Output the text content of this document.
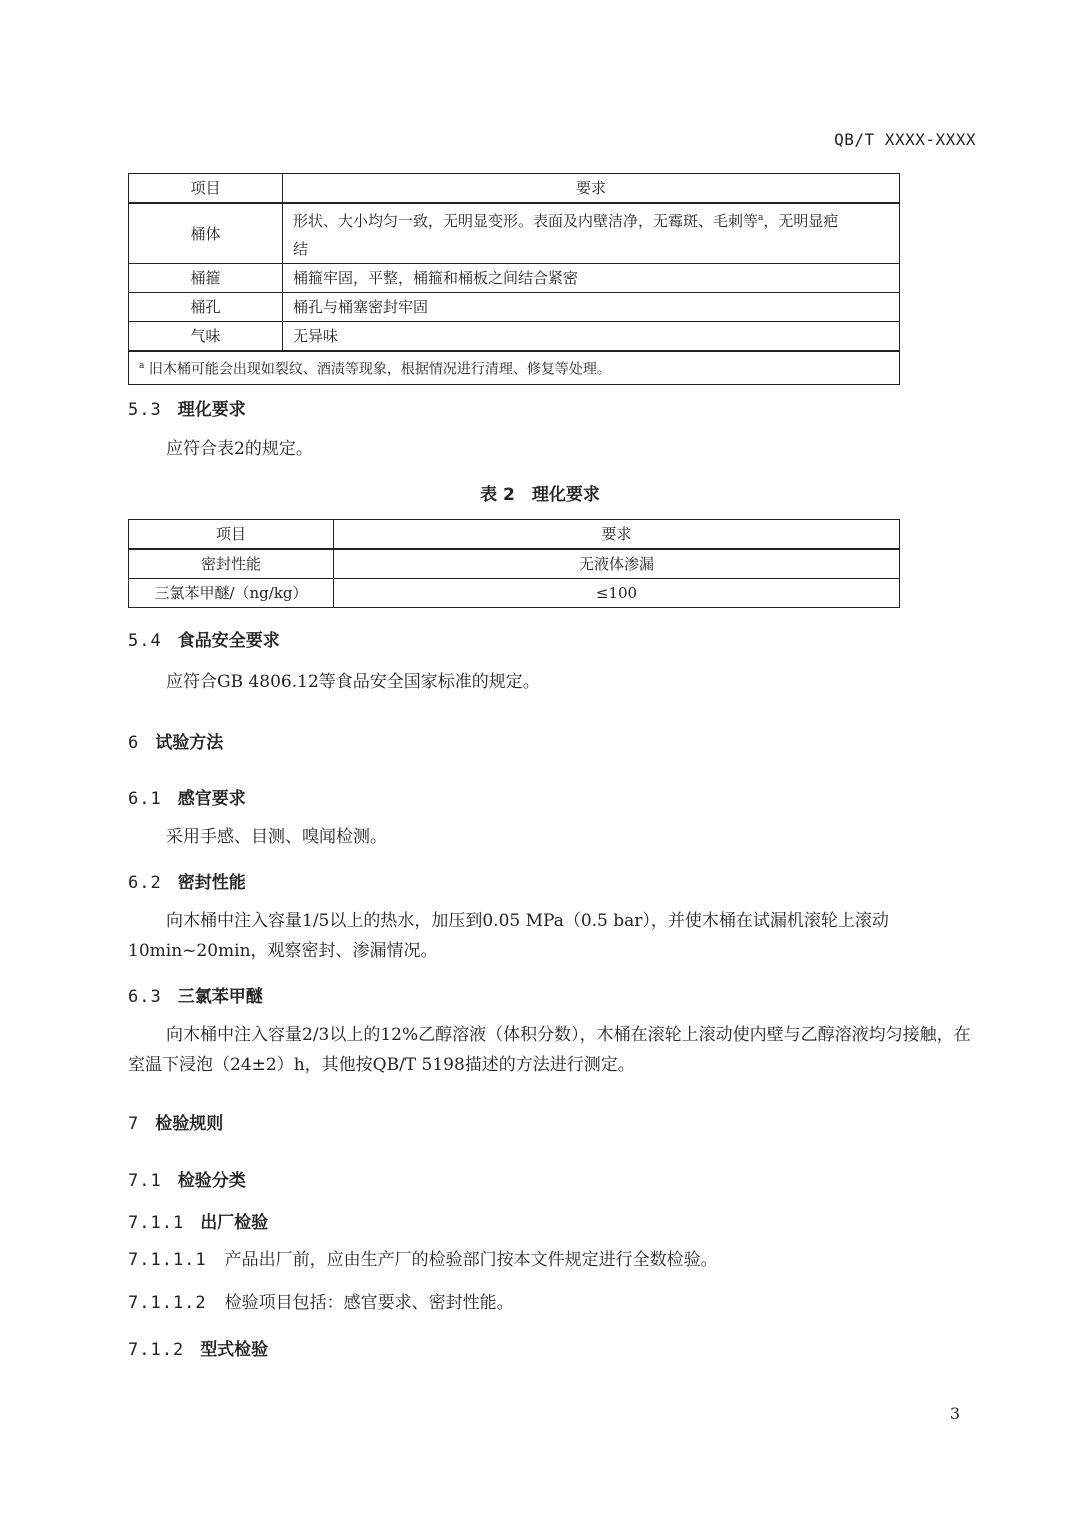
QB/T XXXX-XXXX
项目	要求
桶体	形状、大小均匀一致，无明显变形。表面及内壁洁净，无霉斑、毛刺等$^a$，无明显疤
结
桶箍	桶箍牢固，平整，桶箍和桶板之间结合紧密
桶孔	桶孔与桶塞密封牢固
气味	无异味
$^a$ 旧木桶可能会出现如裂纹、酒渍等现象，根据情况进行清理、修复等处理。	
5.3 理化要求
应符合表2的规定。
表 2　理化要求
项目	要求
密封性能	无液体渗漏
三氯苯甲醚/（ng/kg）	≤100
5.4 食品安全要求
应符合GB 4806.12等食品安全国家标准的规定。
6 试验方法
6.1 感官要求
采用手感、目测、嗅闻检测。
6.2 密封性能
向木桶中注入容量1/5以上的热水，加压到0.05 MPa（0.5 bar），并使木桶在试漏机滚轮上滚动10min~20min，观察密封、渗漏情况。
6.3 三氯苯甲醚
向木桶中注入容量2/3以上的12%乙醇溶液（体积分数），木桶在滚轮上滚动使内壁与乙醇溶液均匀接触，在室温下浸泡（24±2）h，其他按QB/T 5198描述的方法进行测定。
7 检验规则
7.1 检验分类
7.1.1 出厂检验
7.1.1.1 产品出厂前，应由生产厂的检验部门按本文件规定进行全数检验。
7.1.1.2 检验项目包括：感官要求、密封性能。
7.1.2 型式检验
3
